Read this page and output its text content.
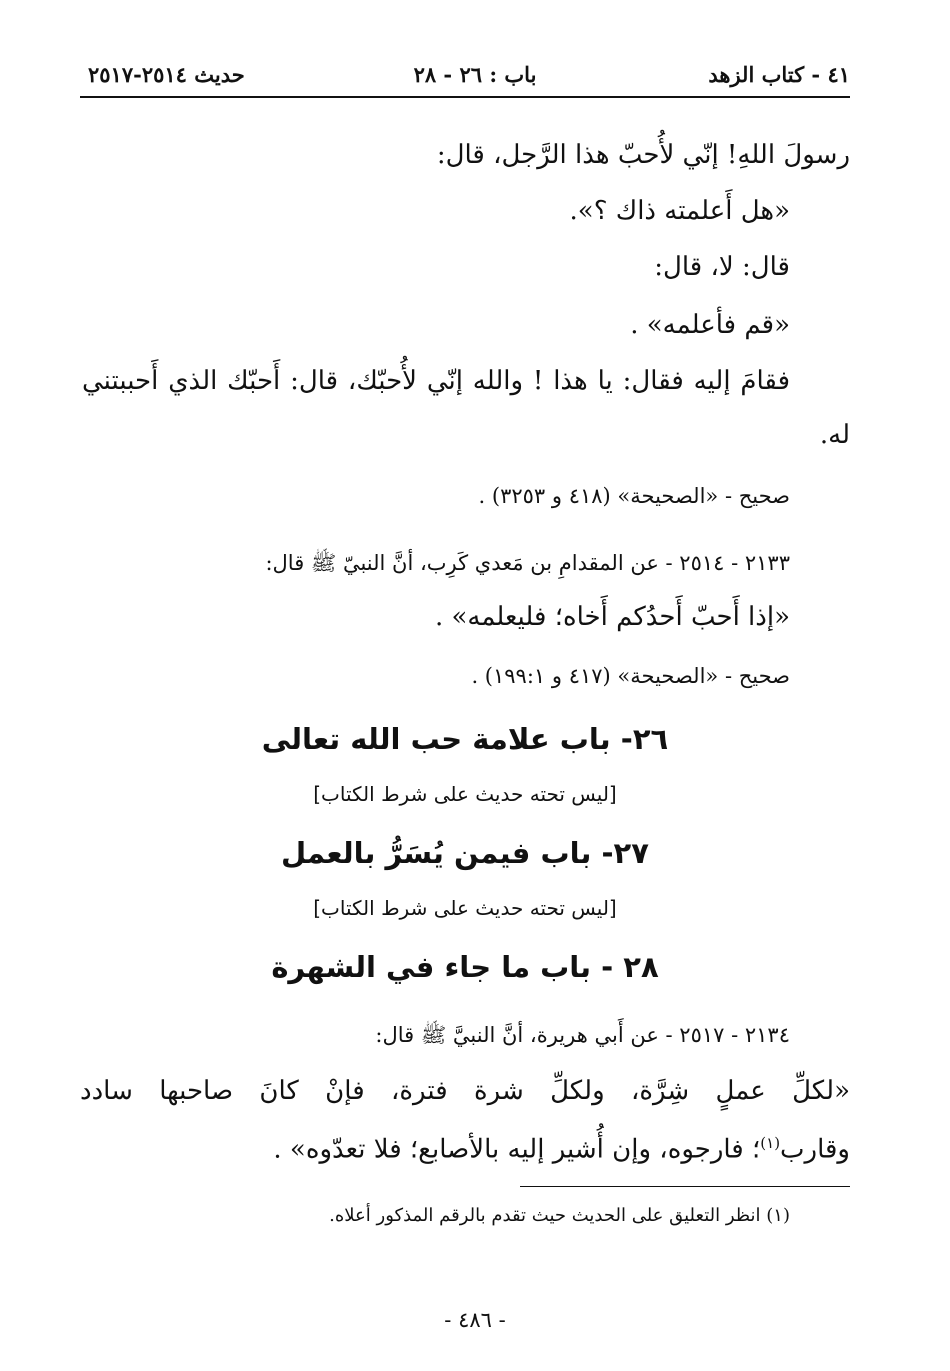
٤١ - كتاب الزهد
باب : ٢٦ - ٢٨
حديث ٢٥١٤-٢٥١٧
رسولَ اللهِ! إنّي لأُحبّ هذا الرَّجل، قال:
«هل أَعلمته ذاك ؟».
قال: لا، قال:
«قم فأعلمه» .
فقامَ إليه فقال: يا هذا ! والله إنّي لأُحبّك، قال: أَحبّك الذي أَحببتني
له.
صحيح - «الصحيحة» (٤١٨ و ٣٢٥٣) .
٢١٣٣ - ٢٥١٤ - عن المقدامِ بن مَعدي كَرِب، أنَّ النبيّ ﷺ قال:
«إذا أَحبّ أَحدُكم أَخاه؛ فليعلمه» .
صحيح - «الصحيحة» (٤١٧ و ١٩٩:١) .
٢٦- باب علامة حب الله تعالى
[ليس تحته حديث على شرط الكتاب]
٢٧- باب فيمن يُسَرُّ بالعمل
[ليس تحته حديث على شرط الكتاب]
٢٨ - باب ما جاء في الشهرة
٢١٣٤ - ٢٥١٧ - عن أَبي هريرة، أنَّ النبيَّ ﷺ قال:
«لكلِّ عملٍ شِرَّة، ولكلِّ شرة فترة، فإنْ كانَ صاحبها سادد
وقارب$^{(١)}$؛ فارجوه، وإن أُشير إليه بالأصابع؛ فلا تعدّوه» .
(١) انظر التعليق على الحديث حيث تقدم بالرقم المذكور أعلاه.
- ٤٨٦ -
